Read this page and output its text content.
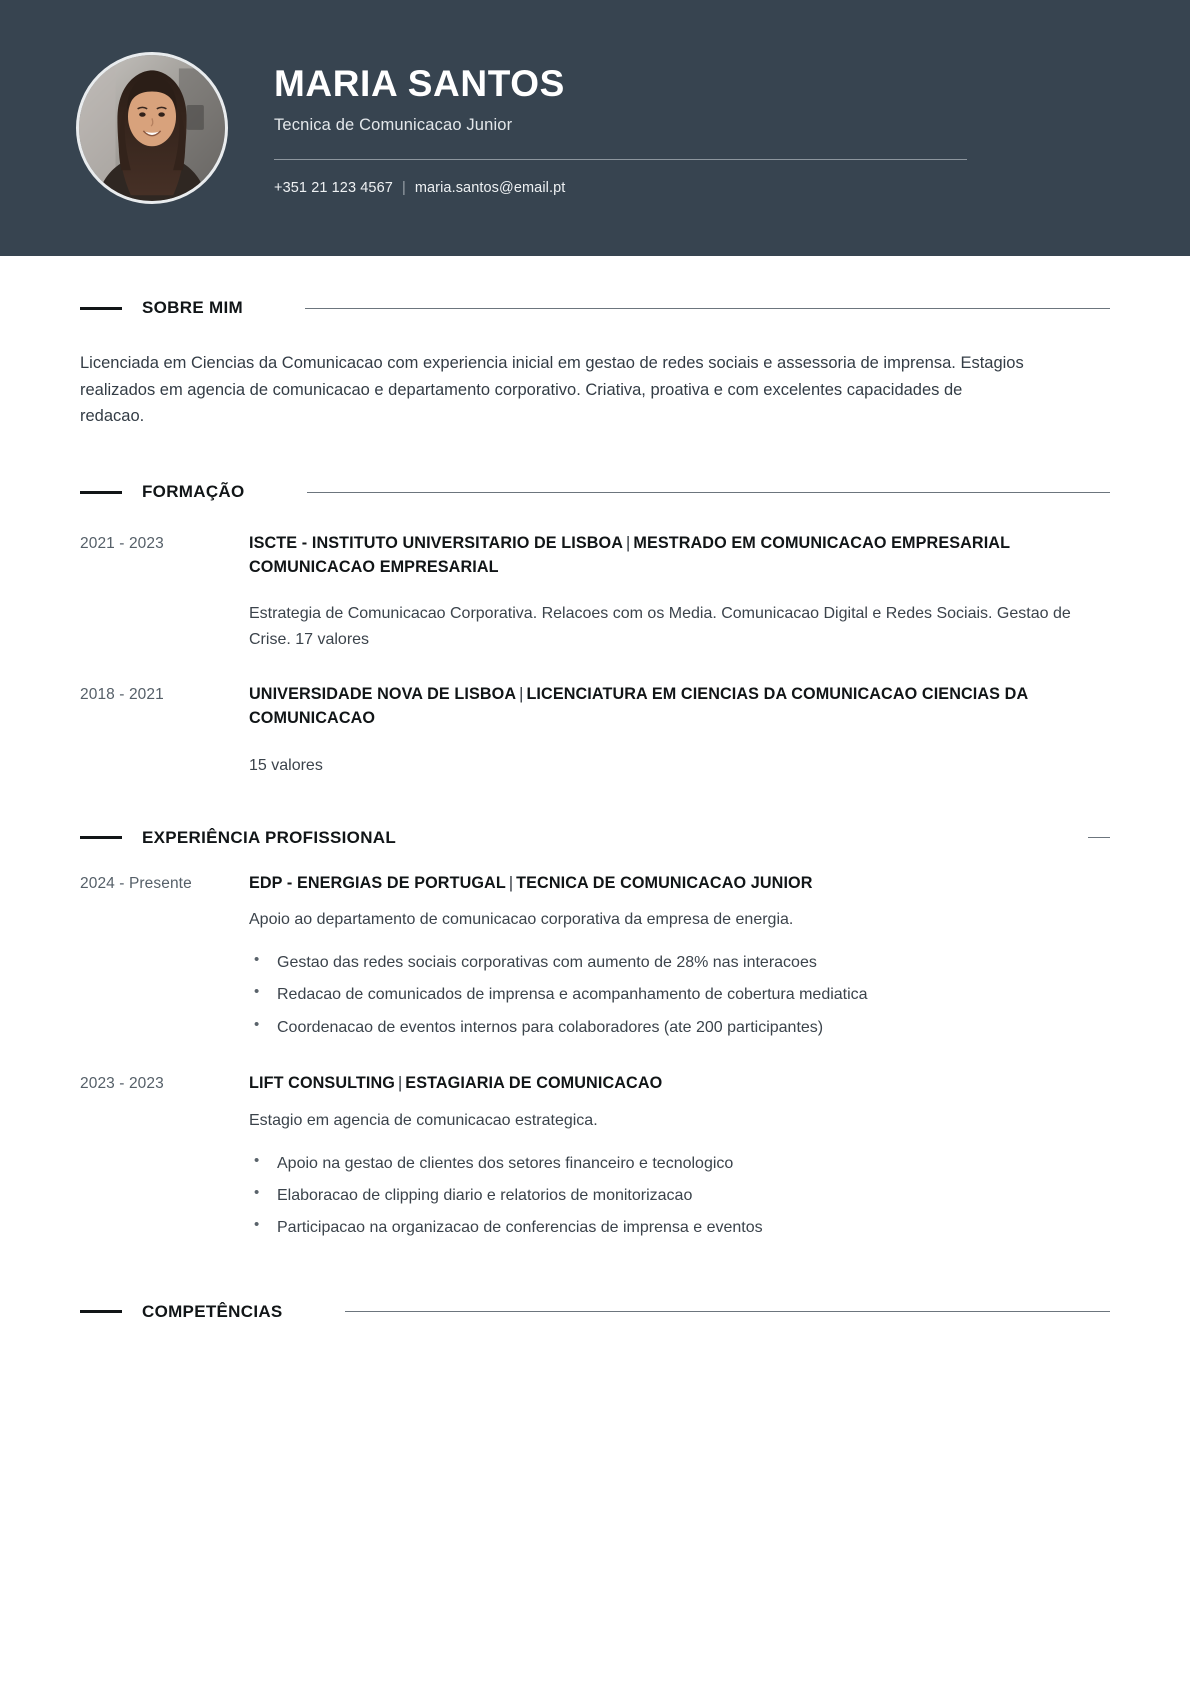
MARIA SANTOS
Tecnica de Comunicacao Junior
+351 21 123 4567 | maria.santos@email.pt
SOBRE MIM

Licenciada em Ciencias da Comunicacao com experiencia inicial em gestao de redes sociais e assessoria de imprensa. Estagios realizados em agencia de comunicacao e departamento corporativo. Criativa, proativa e com excelentes capacidades de redacao.

FORMAÇÃO
2021 - 2023	ISCTE - INSTITUTO UNIVERSITARIO DE LISBOA | MESTRADO EM COMUNICACAO EMPRESARIAL COMUNICACAO EMPRESARIAL
Estrategia de Comunicacao Corporativa. Relacoes com os Media. Comunicacao Digital e Redes Sociais. Gestao de Crise. 17 valores
2018 - 2021	UNIVERSIDADE NOVA DE LISBOA | LICENCIATURA EM CIENCIAS DA COMUNICACAO CIENCIAS DA COMUNICACAO
15 valores
EXPERIÊNCIA PROFISSIONAL
2024 - Presente	EDP - ENERGIAS DE PORTUGAL | TECNICA DE COMUNICACAO JUNIOR
Apoio ao departamento de comunicacao corporativa da empresa de energia.
• Gestao das redes sociais corporativas com aumento de 28% nas interacoes
• Redacao de comunicados de imprensa e acompanhamento de cobertura mediatica
• Coordenacao de eventos internos para colaboradores (ate 200 participantes)
2023 - 2023	LIFT CONSULTING | ESTAGIARIA DE COMUNICACAO
Estagio em agencia de comunicacao estrategica.
• Apoio na gestao de clientes dos setores financeiro e tecnologico
• Elaboracao de clipping diario e relatorios de monitorizacao
• Participacao na organizacao de conferencias de imprensa e eventos
COMPETÊNCIAS
